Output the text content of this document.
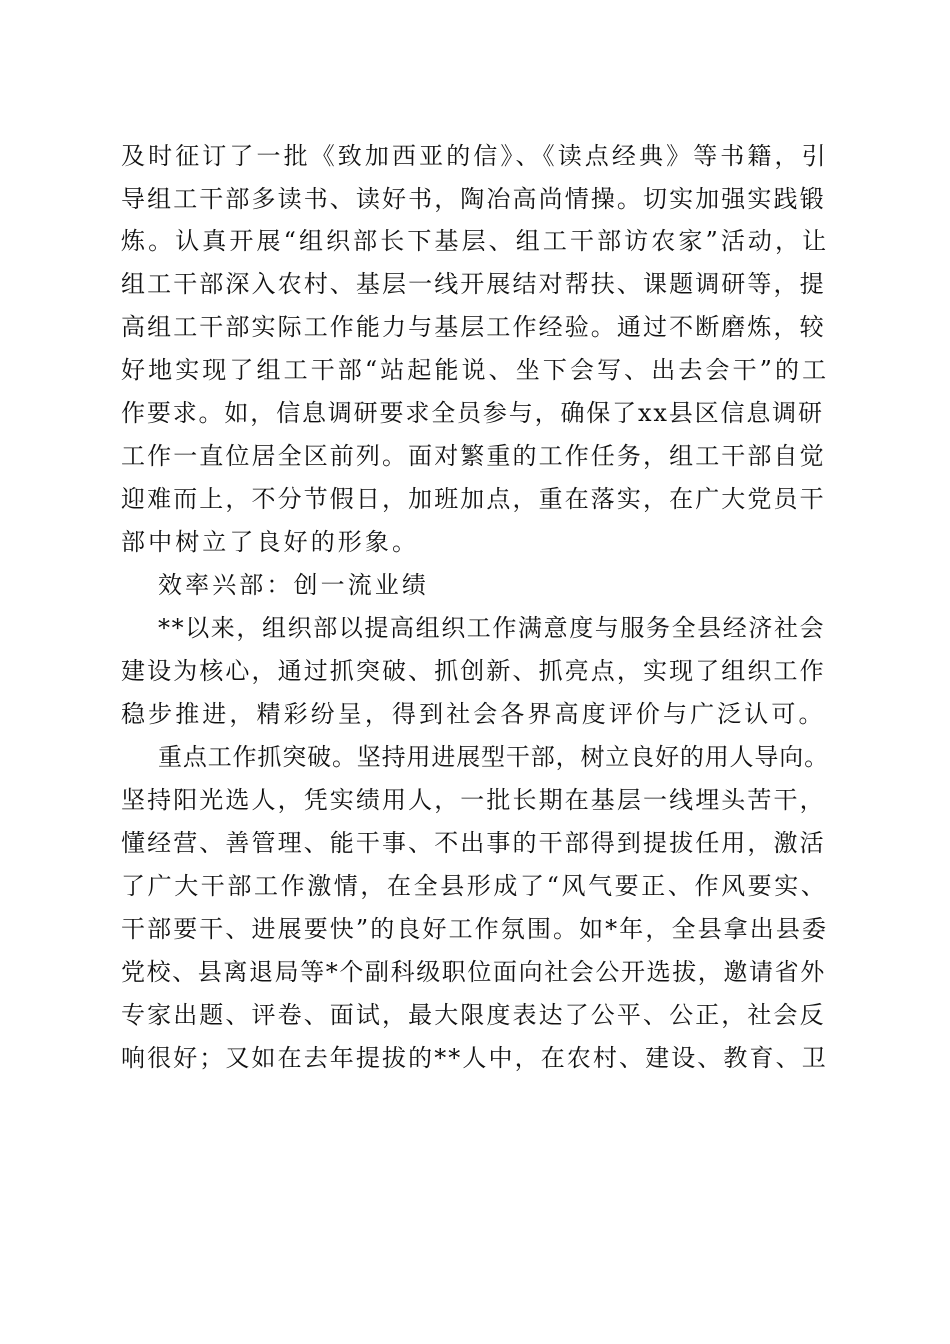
及时征订了一批《致加西亚的信》、《读点经典》等书籍，引
导组工干部多读书、读好书，陶冶高尚情操。切实加强实践锻
炼。认真开展“组织部长下基层、组工干部访农家”活动，让
组工干部深入农村、基层一线开展结对帮扶、课题调研等，提
高组工干部实际工作能力与基层工作经验。通过不断磨炼，较
好地实现了组工干部“站起能说、坐下会写、出去会干”的工
作要求。如，信息调研要求全员参与，确保了xx县区信息调研
工作一直位居全区前列。面对繁重的工作任务，组工干部自觉
迎难而上，不分节假日，加班加点，重在落实，在广大党员干
部中树立了良好的形象。
效率兴部：创一流业绩
**以来，组织部以提高组织工作满意度与服务全县经济社会
建设为核心，通过抓突破、抓创新、抓亮点，实现了组织工作
稳步推进，精彩纷呈，得到社会各界高度评价与广泛认可。
重点工作抓突破。坚持用进展型干部，树立良好的用人导向。
坚持阳光选人，凭实绩用人，一批长期在基层一线埋头苦干，
懂经营、善管理、能干事、不出事的干部得到提拔任用，激活
了广大干部工作激情，在全县形成了“风气要正、作风要实、
干部要干、进展要快”的良好工作氛围。如*年，全县拿出县委
党校、县离退局等*个副科级职位面向社会公开选拔，邀请省外
专家出题、评卷、面试，最大限度表达了公平、公正，社会反
响很好；又如在去年提拔的**人中，在农村、建设、教育、卫
